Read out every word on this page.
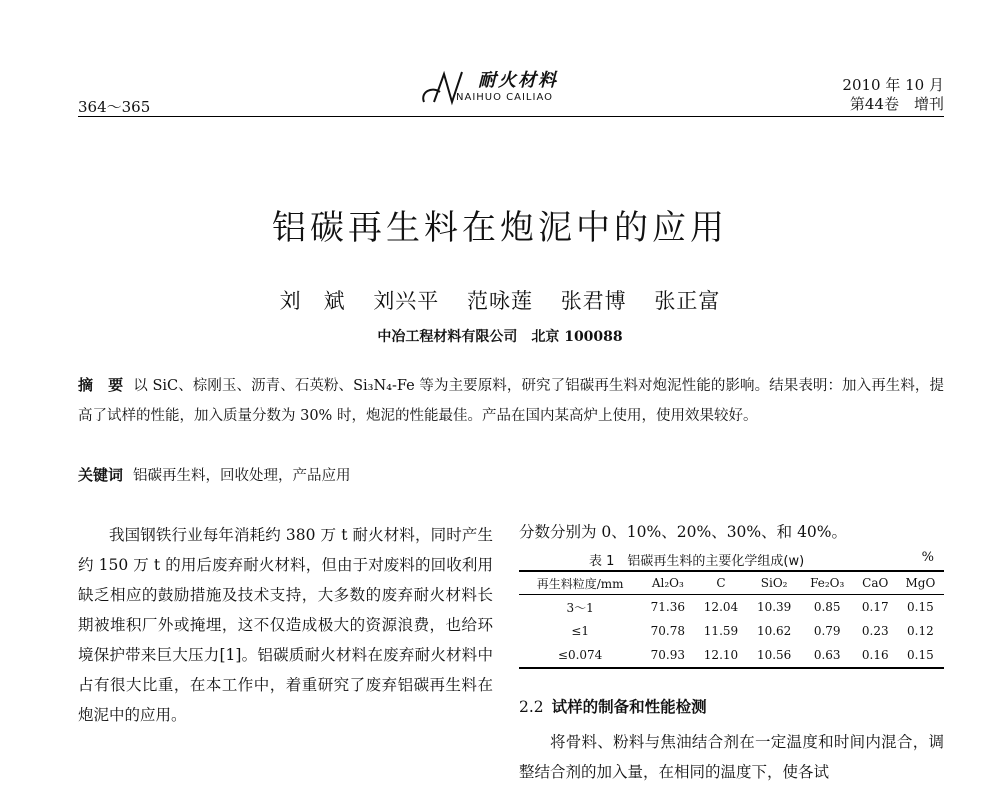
364～365
耐火材料
NAIHUO CAILIAO
2010 年 10 月
第44卷　增刊
铝碳再生料在炮泥中的应用
刘　斌 刘兴平 范咏莲 张君博 张正富
中冶工程材料有限公司　北京 100088
摘　要 以 SiC、棕刚玉、沥青、石英粉、Si₃N₄-Fe 等为主要原料，研究了铝碳再生料对炮泥性能的影响。结果表明：加入再生料，提高了试样的性能，加入质量分数为 30% 时，炮泥的性能最佳。产品在国内某高炉上使用，使用效果较好。
关键词 铝碳再生料，回收处理，产品应用

我国钢铁行业每年消耗约 380 万 t 耐火材料，同时产生约 150 万 t 的用后废弃耐火材料，但由于对废料的回收利用缺乏相应的鼓励措施及技术支持，大多数的废弃耐火材料长期被堆积厂外或掩埋，这不仅造成极大的资源浪费，也给环境保护带来巨大压力[1]。铝碳质耐火材料在废弃耐火材料中占有很大比重，在本工作中，着重研究了废弃铝碳再生料在炮泥中的应用。

分数分别为 0、10%、20%、30%、和 40%。
表 1　铝碳再生料的主要化学组成(w)	%
再生料粒度/mm	Al₂O₃	C	SiO₂	Fe₂O₃	CaO	MgO
3～1	71.36	12.04	10.39	0.85	0.17	0.15
≤1	70.78	11.59	10.62	0.79	0.23	0.12
≤0.074	70.93	12.10	10.56	0.63	0.16	0.15
2.2 试样的制备和性能检测
将骨料、粉料与焦油结合剂在一定温度和时间内混合，调整结合剂的加入量，在相同的温度下，使各试
